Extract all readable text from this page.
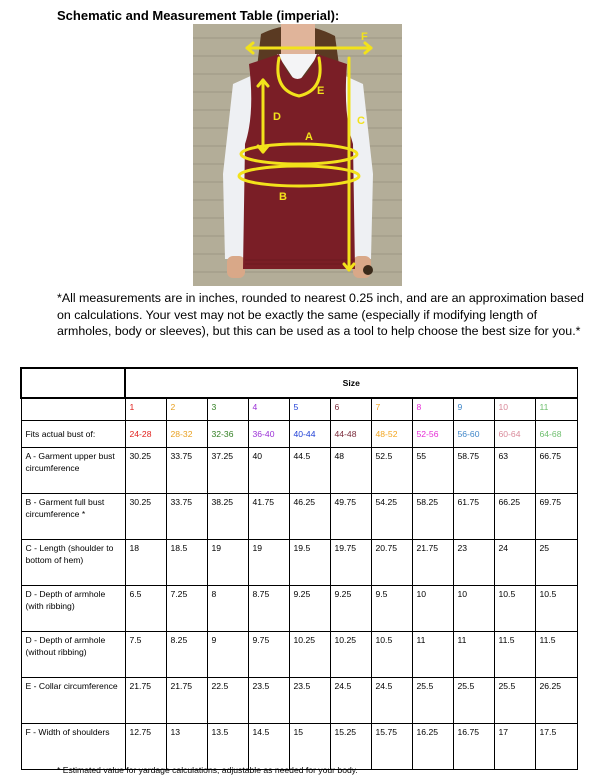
Schematic and Measurement Table (imperial):
F
E
D
A
C
B
*All measurements are in inches, rounded to nearest 0.25 inch, and are an approximation based on calculations. Your vest may not be exactly the same (especially if modifying length of armholes, body or sleeves), but this can be used as a tool to help choose the best size for you.*
	Size										
	1	2	3	4	5	6	7	8	9	10	11
Fits actual bust of:	24-28	28-32	32-36	36-40	40-44	44-48	48-52	52-56	56-60	60-64	64-68
A - Garment upper bust circumference	30.25	33.75	37.25	40	44.5	48	52.5	55	58.75	63	66.75
B - Garment full bust circumference *	30.25	33.75	38.25	41.75	46.25	49.75	54.25	58.25	61.75	66.25	69.75
C - Length (shoulder to bottom of hem)	18	18.5	19	19	19.5	19.75	20.75	21.75	23	24	25
D - Depth of armhole (with ribbing)	6.5	7.25	8	8.75	9.25	9.25	9.5	10	10	10.5	10.5
D - Depth of armhole (without ribbing)	7.5	8.25	9	9.75	10.25	10.25	10.5	11	11	11.5	11.5
E - Collar circumference	21.75	21.75	22.5	23.5	23.5	24.5	24.5	25.5	25.5	25.5	26.25
F - Width of shoulders	12.75	13	13.5	14.5	15	15.25	15.75	16.25	16.75	17	17.5
* Estimated value for yardage calculations, adjustable as needed for your body.
